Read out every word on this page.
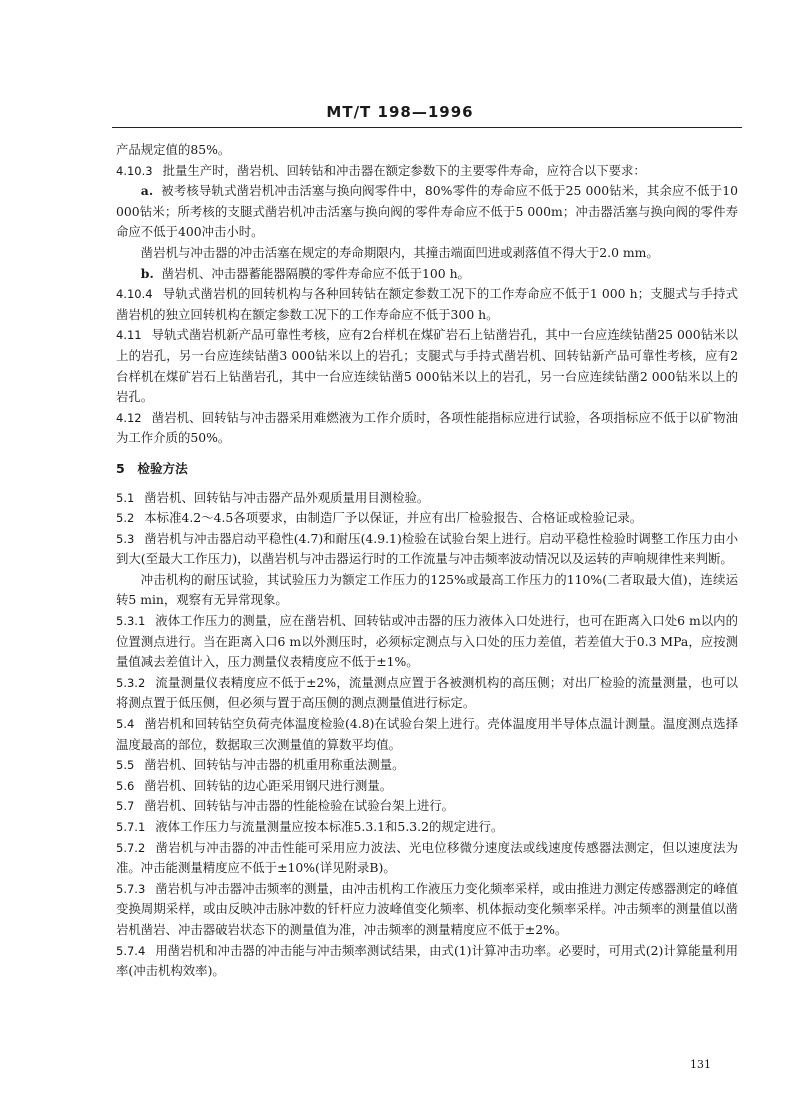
MT/T 198—1996

产品规定值的85%。

4.10.3 批量生产时，凿岩机、回转钻和冲击器在额定参数下的主要零件寿命，应符合以下要求：

a. 被考核导轨式凿岩机冲击活塞与换向阀零件中，80%零件的寿命应不低于25 000钻米，其余应不低于10 000钻米；所考核的支腿式凿岩机冲击活塞与换向阀的零件寿命应不低于5 000m；冲击器活塞与换向阀的零件寿命应不低于400冲击小时。

凿岩机与冲击器的冲击活塞在规定的寿命期限内，其撞击端面凹进或剥落值不得大于2.0 mm。

b. 凿岩机、冲击器蓄能器隔膜的零件寿命应不低于100 h。

4.10.4 导轨式凿岩机的回转机构与各种回转钻在额定参数工况下的工作寿命应不低于1 000 h；支腿式与手持式凿岩机的独立回转机构在额定参数工况下的工作寿命应不低于300 h。

4.11 导轨式凿岩机新产品可靠性考核，应有2台样机在煤矿岩石上钻凿岩孔，其中一台应连续钻凿25 000钻米以上的岩孔，另一台应连续钻凿3 000钻米以上的岩孔；支腿式与手持式凿岩机、回转钻新产品可靠性考核，应有2台样机在煤矿岩石上钻凿岩孔，其中一台应连续钻凿5 000钻米以上的岩孔，另一台应连续钻凿2 000钻米以上的岩孔。

4.12 凿岩机、回转钻与冲击器采用难燃液为工作介质时，各项性能指标应进行试验，各项指标应不低于以矿物油为工作介质的50%。

5　检验方法

5.1 凿岩机、回转钻与冲击器产品外观质量用目测检验。

5.2 本标准4.2～4.5各项要求，由制造厂予以保证，并应有出厂检验报告、合格证或检验记录。

5.3 凿岩机与冲击器启动平稳性(4.7)和耐压(4.9.1)检验在试验台架上进行。启动平稳性检验时调整工作压力由小到大(至最大工作压力)，以凿岩机与冲击器运行时的工作流量与冲击频率波动情况以及运转的声响规律性来判断。

冲击机构的耐压试验，其试验压力为额定工作压力的125%或最高工作压力的110%(二者取最大值)，连续运转5 min，观察有无异常现象。

5.3.1 液体工作压力的测量，应在凿岩机、回转钻或冲击器的压力液体入口处进行，也可在距离入口处6 m以内的位置测点进行。当在距离入口6 m以外测压时，必须标定测点与入口处的压力差值，若差值大于0.3 MPa，应按测量值减去差值计入，压力测量仪表精度应不低于±1%。

5.3.2 流量测量仪表精度应不低于±2%，流量测点应置于各被测机构的高压侧；对出厂检验的流量测量，也可以将测点置于低压侧，但必须与置于高压侧的测点测量值进行标定。

5.4 凿岩机和回转钻空负荷壳体温度检验(4.8)在试验台架上进行。壳体温度用半导体点温计测量。温度测点选择温度最高的部位，数据取三次测量值的算数平均值。

5.5 凿岩机、回转钻与冲击器的机重用称重法测量。

5.6 凿岩机、回转钻的边心距采用钢尺进行测量。

5.7 凿岩机、回转钻与冲击器的性能检验在试验台架上进行。

5.7.1 液体工作压力与流量测量应按本标准5.3.1和5.3.2的规定进行。

5.7.2 凿岩机与冲击器的冲击性能可采用应力波法、光电位移微分速度法或线速度传感器法测定，但以速度法为准。冲击能测量精度应不低于±10%(详见附录B)。

5.7.3 凿岩机与冲击器冲击频率的测量，由冲击机构工作液压力变化频率采样，或由推进力测定传感器测定的峰值变换周期采样，或由反映冲击脉冲数的钎杆应力波峰值变化频率、机体振动变化频率采样。冲击频率的测量值以凿岩机凿岩、冲击器破岩状态下的测量值为准，冲击频率的测量精度应不低于±2%。

5.7.4 用凿岩机和冲击器的冲击能与冲击频率测试结果，由式(1)计算冲击功率。必要时，可用式(2)计算能量利用率(冲击机构效率)。

131
